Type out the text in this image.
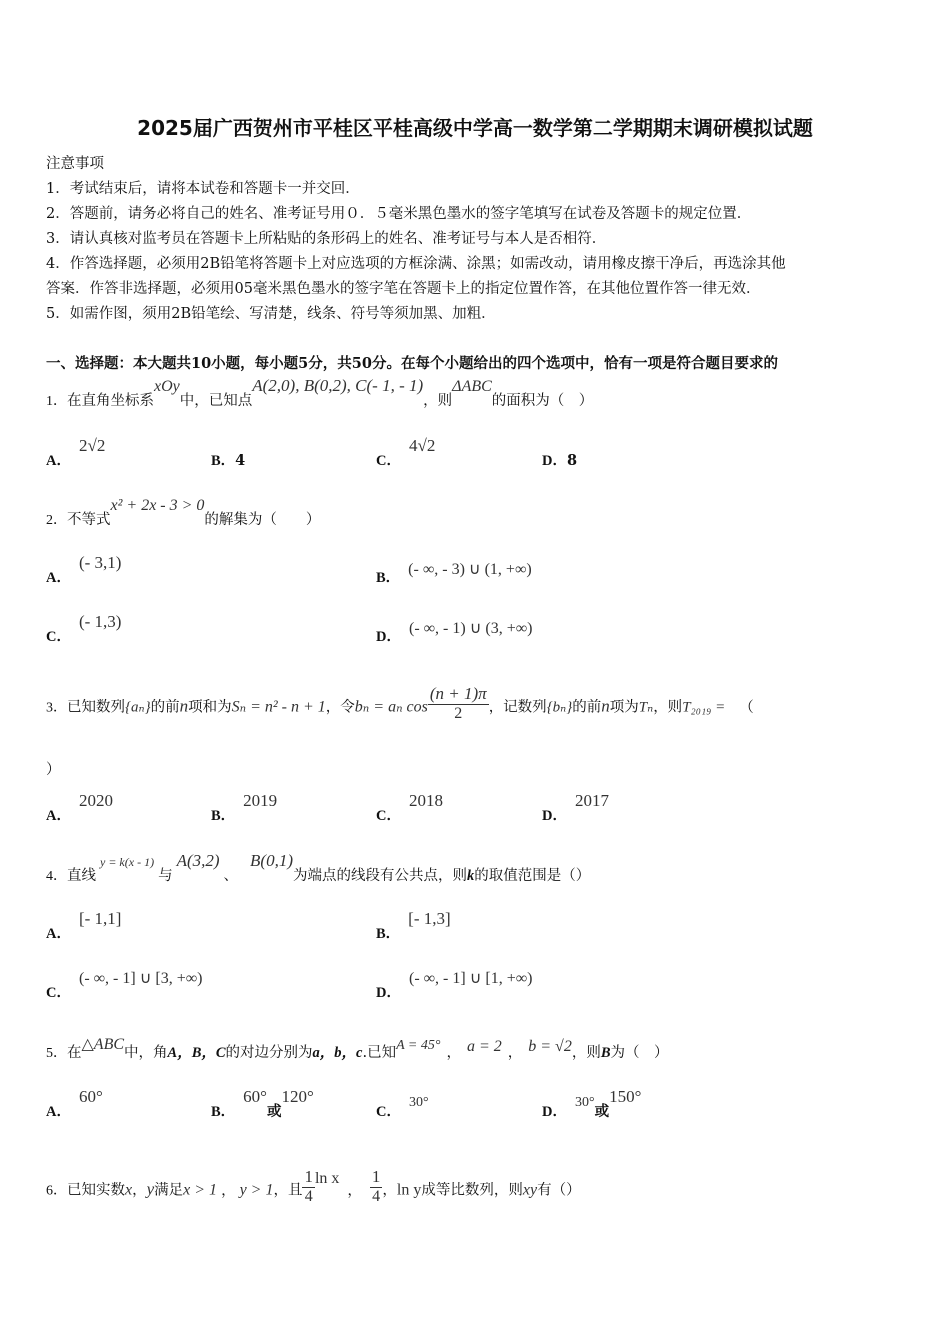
2025届广西贺州市平桂区平桂高级中学高一数学第二学期期末调研模拟试题
注意事项
1．考试结束后，请将本试卷和答题卡一并交回．
2．答题前，请务必将自己的姓名、准考证号用０．５毫米黑色墨水的签字笔填写在试卷及答题卡的规定位置．
3．请认真核对监考员在答题卡上所粘贴的条形码上的姓名、准考证号与本人是否相符．
4．作答选择题，必须用2B铅笔将答题卡上对应选项的方框涂满、涂黑；如需改动，请用橡皮擦干净后，再选涂其他
答案．作答非选择题，必须用05毫米黑色墨水的签字笔在答题卡上的指定位置作答，在其他位置作答一律无效．
5．如需作图，须用2B铅笔绘、写清楚，线条、符号等须加黑、加粗．
一、选择题：本大题共10小题，每小题5分，共50分。在每个小题给出的四个选项中，恰有一项是符合题目要求的
1．在直角坐标系xOy中，已知点A(2,0), B(0,2), C(- 1, - 1)，则ΔABC的面积为（　）
A．2√2
B．4	C．4√2
D．8
2．不等式x² + 2x - 3 > 0的解集为（　　）
A．(- 3,1)
B． (- ∞, - 3) ∪ (1, +∞)
C．(- 1,3)
D． (- ∞, - 1) ∪ (3, +∞)
3．已知数列{aₙ}的前n项和为Sₙ = n² - n + 1，令bₙ = aₙ $\cos \frac{(n + 1)\pi}{2}$ ，记数列{bₙ}的前n项为Tₙ，则T₂₀₁₉ = （
）
A．2020
B．2019
C．2018
D．2017
4．直线y = k(x - 1)与A(3,2)、B(0,1)为端点的线段有公共点，则k的取值范围是（）
A．[- 1,1]
B．[- 1,3]
C．(- ∞, - 1] ∪ [3, +∞)
D．(- ∞, - 1] ∪ [1, +∞)
5．在△ABC中，角A，B，C的对边分别为a，b，c.已知A = 45° ， a = 2 ， b = √2，则B为（　）
A．60°
B．60°或120°
C．30°
D．30°或150°
6．已知实数x，y满足x > 1 ， y > 1，且 $\frac{1}{4}$ ln x， $\frac{1}{4}$ ，ln y成等比数列，则xy有（）
